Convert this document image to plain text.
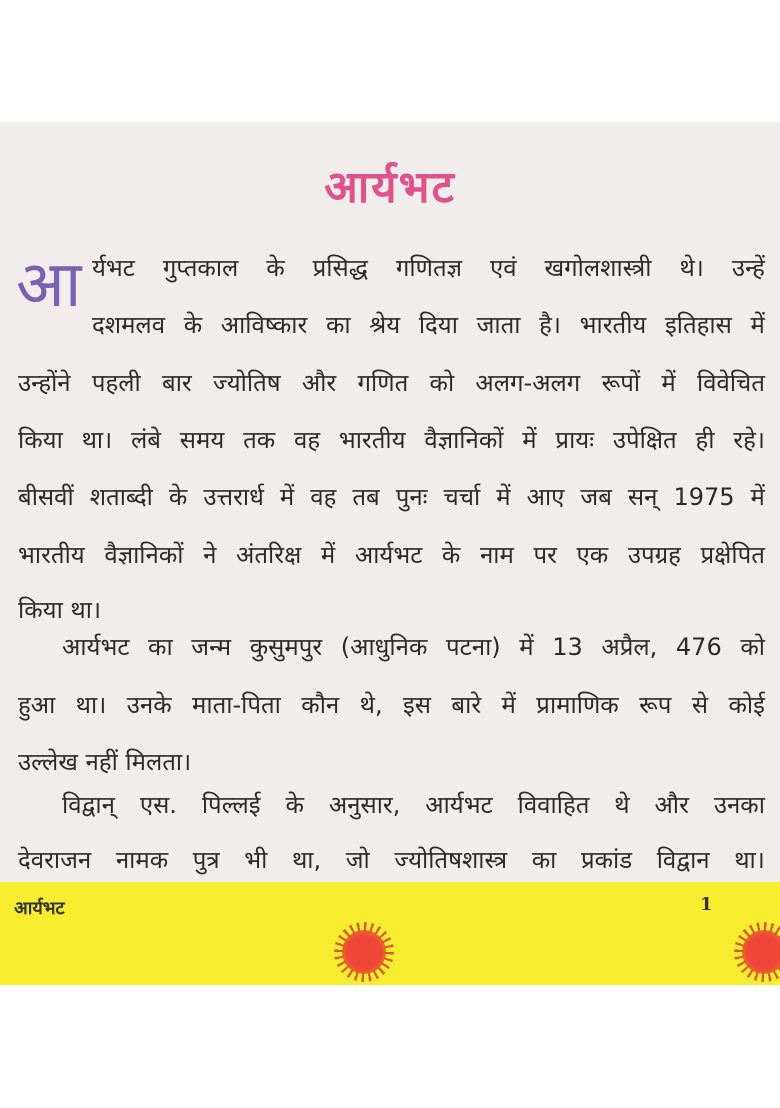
आर्यभट
आ र्यभट गुप्तकाल के प्रसिद्ध गणितज्ञ एवं खगोलशास्त्री थे। उन्हें
दशमलव के आविष्कार का श्रेय दिया जाता है। भारतीय इतिहास में
उन्होंने पहली बार ज्योतिष और गणित को अलग-अलग रूपों में विवेचित
किया था। लंबे समय तक वह भारतीय वैज्ञानिकों में प्रायः उपेक्षित ही रहे।
बीसवीं शताब्दी के उत्तरार्ध में वह तब पुनः चर्चा में आए जब सन् 1975 में
भारतीय वैज्ञानिकों ने अंतरिक्ष में आर्यभट के नाम पर एक उपग्रह प्रक्षेपित
किया था।
आर्यभट का जन्म कुसुमपुर (आधुनिक पटना) में 13 अप्रैल, 476 को
हुआ था। उनके माता-पिता कौन थे, इस बारे में प्रामाणिक रूप से कोई
उल्लेख नहीं मिलता।
विद्वान् एस. पिल्लई के अनुसार, आर्यभट विवाहित थे और उनका
देवराजन नामक पुत्र भी था, जो ज्योतिषशास्त्र का प्रकांड विद्वान था।
आर्यभट	1
